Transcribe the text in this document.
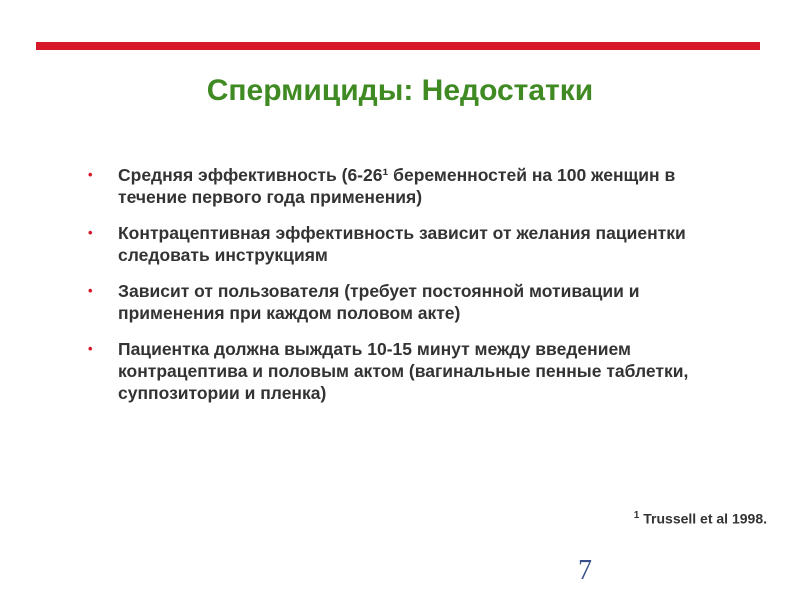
Спермициды: Недостатки
• Средняя эффективность (6-26¹ беременностей на 100 женщин в течение первого года применения)
• Контрацептивная эффективность зависит от желания пациентки следовать инструкциям
• Зависит от пользователя (требует постоянной мотивации и применения при каждом половом акте)
• Пациентка должна выждать 10-15 минут между введением контрацептива и половым актом (вагинальные пенные таблетки, суппозитории и пленка)
$^1$ Trussell et al 1998.
7
